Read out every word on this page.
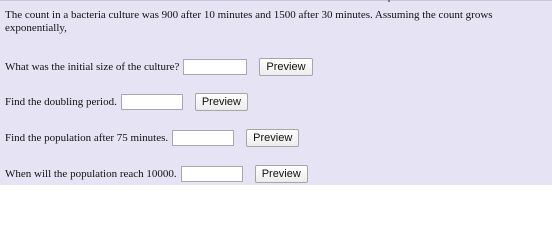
The count in a bacteria culture was 900 after 10 minutes and 1500 after 30 minutes. Assuming the count grows exponentially,
What was the initial size of the culture?	Preview
Find the doubling period.	Preview
Find the population after 75 minutes.	Preview
When will the population reach 10000.	Preview
